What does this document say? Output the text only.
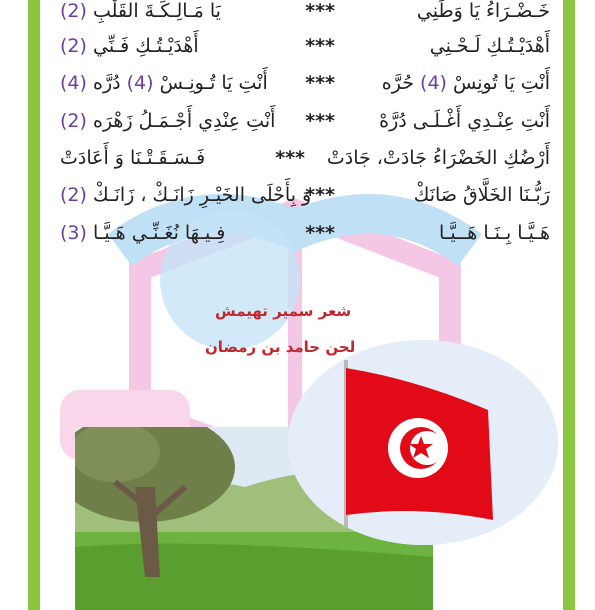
خَـضْـرَاءُ يَا وَطَنِي
***
يَا مَـالِـكَـةَ القَلْبِ (2)
أَهْدَيْـتُـكِ لَـحْـنِي
***
أَهْدَيْـتُـكِ فَـنِّي (2)
أَنْتِ يَا تُونِسْ (4) حُرَّه
***
أَنْتِ يَا تُـونِـسْ (4) دُرَّه (4)
أَنْتِ عِنْـدِي أَغْـلَـى دُرَّهْ
***
أَنْتِ عِنْدِي أَجْـمَـلُ زَهْرَه (2)
أَرْضُكِ الخَضْرَاءُ جَادَتْ، جَادَتْ
***
فَـسَـقَـتْـنَا وَ أَعَادَتْ
رَبُّـنَا الخَلَّاقُ صَانَكْ
***
وَ بِأَحْلَى الخَيْـرِ زَانَـكْ ، زَانَـكْ (2)
هَـيَّـا بِـنَـا هَــيَّـا
***
فِـيـهَا نُغَـنِّـي هَـيَّـا (3)
شعر سمير تهيمش
لحن حامد بن رمضان
